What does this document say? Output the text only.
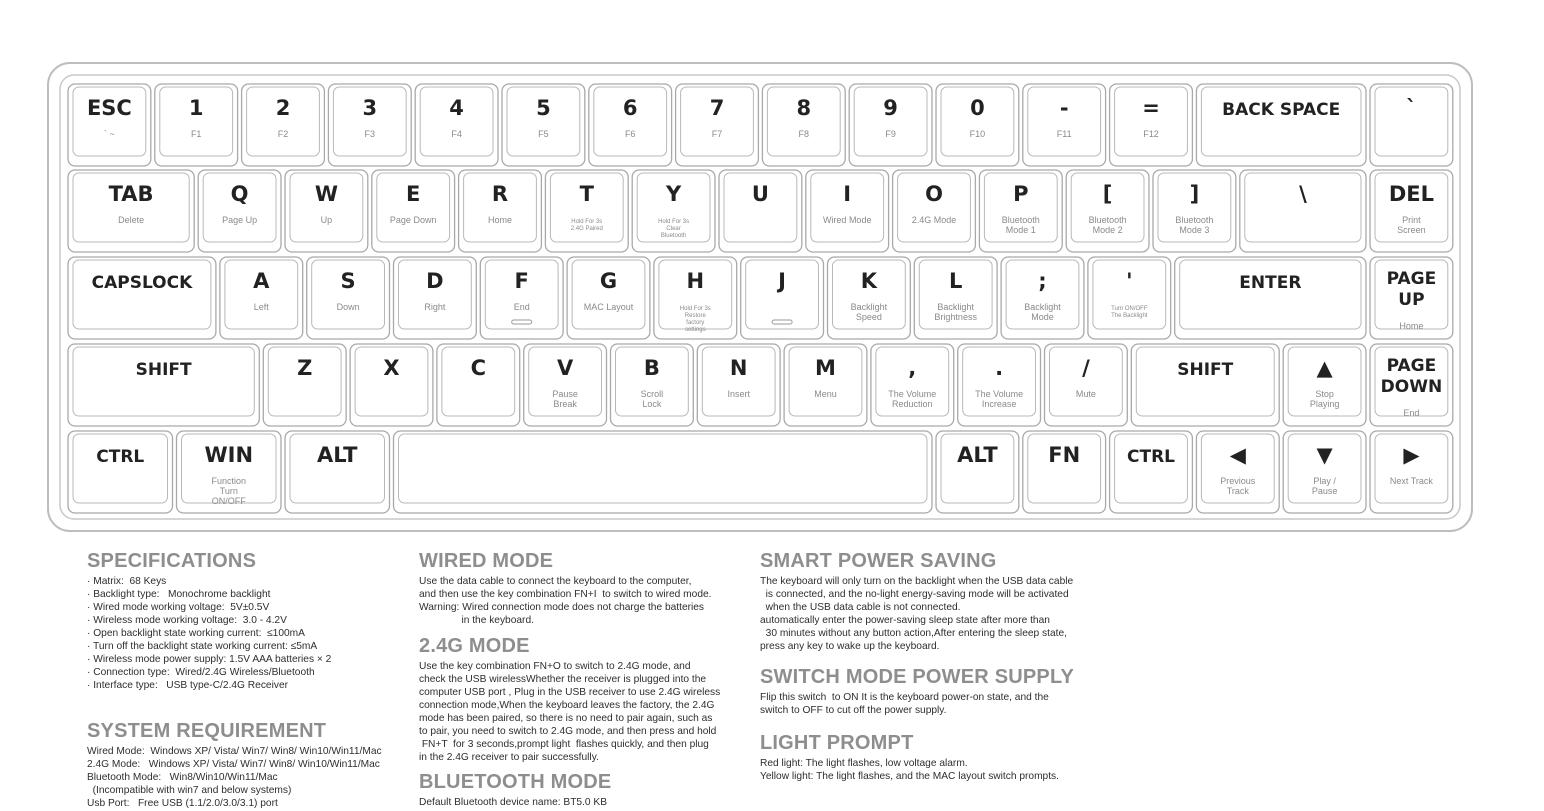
ESC
` ~
1
F1
2
F2
3
F3
4
F4
5
F5
6
F6
7
F7
8
F8
9
F9
0
F10
-
F11
=
F12
BACK SPACE	`
TAB
Delete
Q
Page Up
W
Up
E
Page Down
R
Home
T
Hold For 3s
2.4G Paired
Y
Hold For 3s
Clear
Bluetooth
U	I
Wired Mode
O
2.4G Mode
P
Bluetooth
Mode 1
[
Bluetooth
Mode 2
]
Bluetooth
Mode 3
\	DEL
Print
Screen
CAPSLOCK	A
Left
S
Down
D
Right
F
End
G
MAC Layout
H
Hold For 3s
Restore
factory
settings
J	K
Backlight
Speed
L
Backlight
Brightness
;
Backlight
Mode
'
Turn ON/OFF
The Backlight
ENTER	PAGE
UP
Home
SHIFT	Z	X	C	V
Pause
Break
B
Scroll
Lock
N
Insert
M
Menu
,
The Volume
Reduction
.
The Volume
Increase
/
Mute
SHIFT	▲
Stop
Playing
PAGE
DOWN
End
CTRL	WIN
Function
Turn
ON/OFF
ALT	ALT FN	CTRL	◀
Previous
Track
▼
Play /
Pause
▶
Next Track
SPECIFICATIONS
· Matrix:  68 Keys
· Backlight type:   Monochrome backlight
· Wired mode working voltage:  5V±0.5V
· Wireless mode working voltage:  3.0 - 4.2V
· Open backlight state working current:  ≤100mA
· Turn off the backlight state working current: ≤5mA
· Wireless mode power supply: 1.5V AAA batteries × 2
· Connection type:  Wired/2.4G Wireless/Bluetooth
· Interface type:   USB type-C/2.4G Receiver
SYSTEM REQUIREMENT
Wired Mode:  Windows XP/ Vista/ Win7/ Win8/ Win10/Win11/Mac
2.4G Mode:   Windows XP/ Vista/ Win7/ Win8/ Win10/Win11/Mac
Bluetooth Mode:   Win8/Win10/Win11/Mac
(Incompatible with win7 and below systems)
Usb Port:   Free USB (1.1/2.0/3.0/3.1) port
WIRED MODE
Use the data cable to connect the keyboard to the computer,
and then use the key combination FN+I  to switch to wired mode.
Warning: Wired connection mode does not charge the batteries
in the keyboard.
2.4G MODE
Use the key combination FN+O to switch to 2.4G mode, and
check the USB wirelessWhether the receiver is plugged into the
computer USB port , Plug in the USB receiver to use 2.4G wireless
connection mode,When the keyboard leaves the factory, the 2.4G
mode has been paired, so there is no need to pair again, such as
to pair, you need to switch to 2.4G mode, and then press and hold
FN+T  for 3 seconds,prompt light  flashes quickly, and then plug
in the 2.4G receiver to pair successfully.
BLUETOOTH MODE
Default Bluetooth device name: BT5.0 KB
SMART POWER SAVING
The keyboard will only turn on the backlight when the USB data cable
is connected, and the no-light energy-saving mode will be activated
when the USB data cable is not connected.
automatically enter the power-saving sleep state after more than
30 minutes without any button action,After entering the sleep state,
press any key to wake up the keyboard.
SWITCH MODE POWER SUPPLY
Flip this switch  to ON It is the keyboard power-on state, and the
switch to OFF to cut off the power supply.
LIGHT PROMPT
Red light: The light flashes, low voltage alarm.
Yellow light: The light flashes, and the MAC layout switch prompts.
